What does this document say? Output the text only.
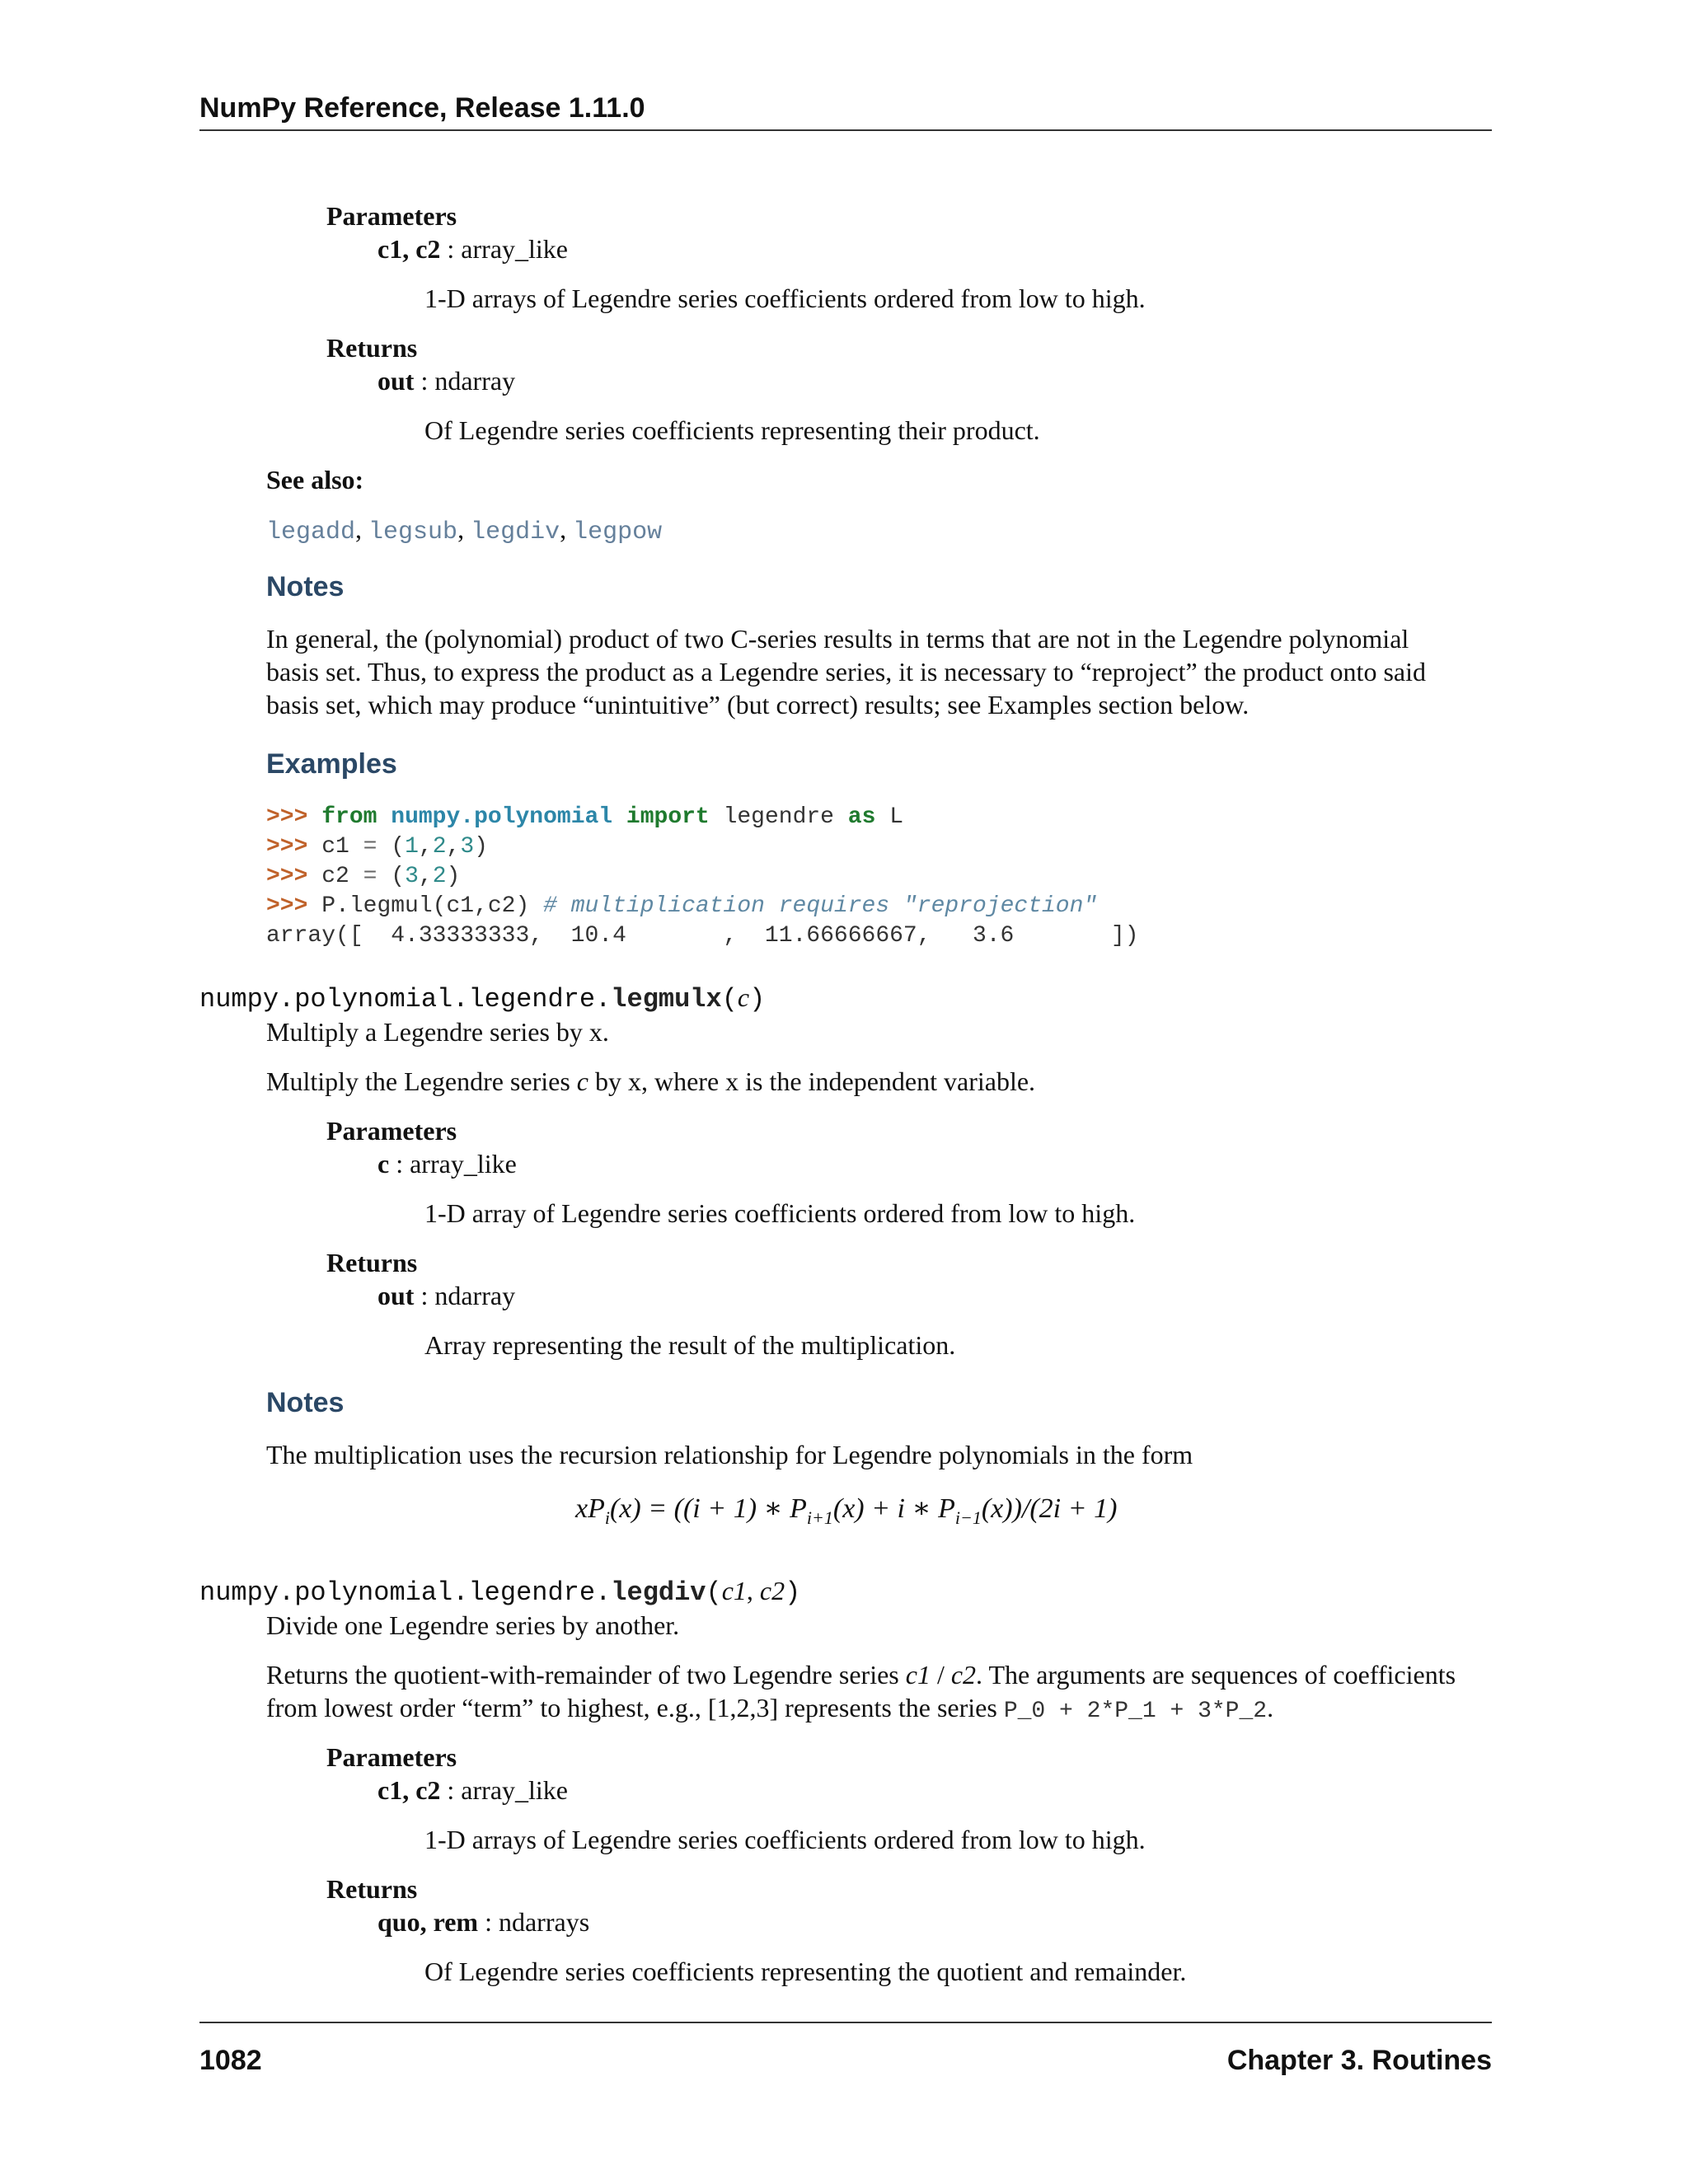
NumPy Reference, Release 1.11.0
Parameters
c1, c2 : array_like
1-D arrays of Legendre series coefficients ordered from low to high.
Returns
out : ndarray
Of Legendre series coefficients representing their product.
See also:
legadd, legsub, legdiv, legpow
Notes
In general, the (polynomial) product of two C-series results in terms that are not in the Legendre polynomial
basis set. Thus, to express the product as a Legendre series, it is necessary to “reproject” the product onto said
basis set, which may produce “unintuitive” (but correct) results; see Examples section below.
Examples
>>> from numpy.polynomial import legendre as L
>>> c1 = (1,2,3)
>>> c2 = (3,2)
>>> P.legmul(c1,c2) # multiplication requires "reprojection"
array([  4.33333333,  10.4       ,  11.66666667,   3.6       ])
numpy.polynomial.legendre.legmulx(c)
Multiply a Legendre series by x.
Multiply the Legendre series c by x, where x is the independent variable.
Parameters
c : array_like
1-D array of Legendre series coefficients ordered from low to high.
Returns
out : ndarray
Array representing the result of the multiplication.
Notes
The multiplication uses the recursion relationship for Legendre polynomials in the form
$xP_i(x) = ((i + 1)$ ∗ $P_{i+1}(x) + i$ ∗ $P_{i-1}(x))/(2i + 1)$
numpy.polynomial.legendre.legdiv(c1, c2)
Divide one Legendre series by another.
Returns the quotient-with-remainder of two Legendre series c1 / c2. The arguments are sequences of coefficients
from lowest order “term” to highest, e.g., [1,2,3] represents the series P_0 + 2*P_1 + 3*P_2.
Parameters
c1, c2 : array_like
1-D arrays of Legendre series coefficients ordered from low to high.
Returns
quo, rem : ndarrays
Of Legendre series coefficients representing the quotient and remainder.
1082	Chapter 3. Routines
